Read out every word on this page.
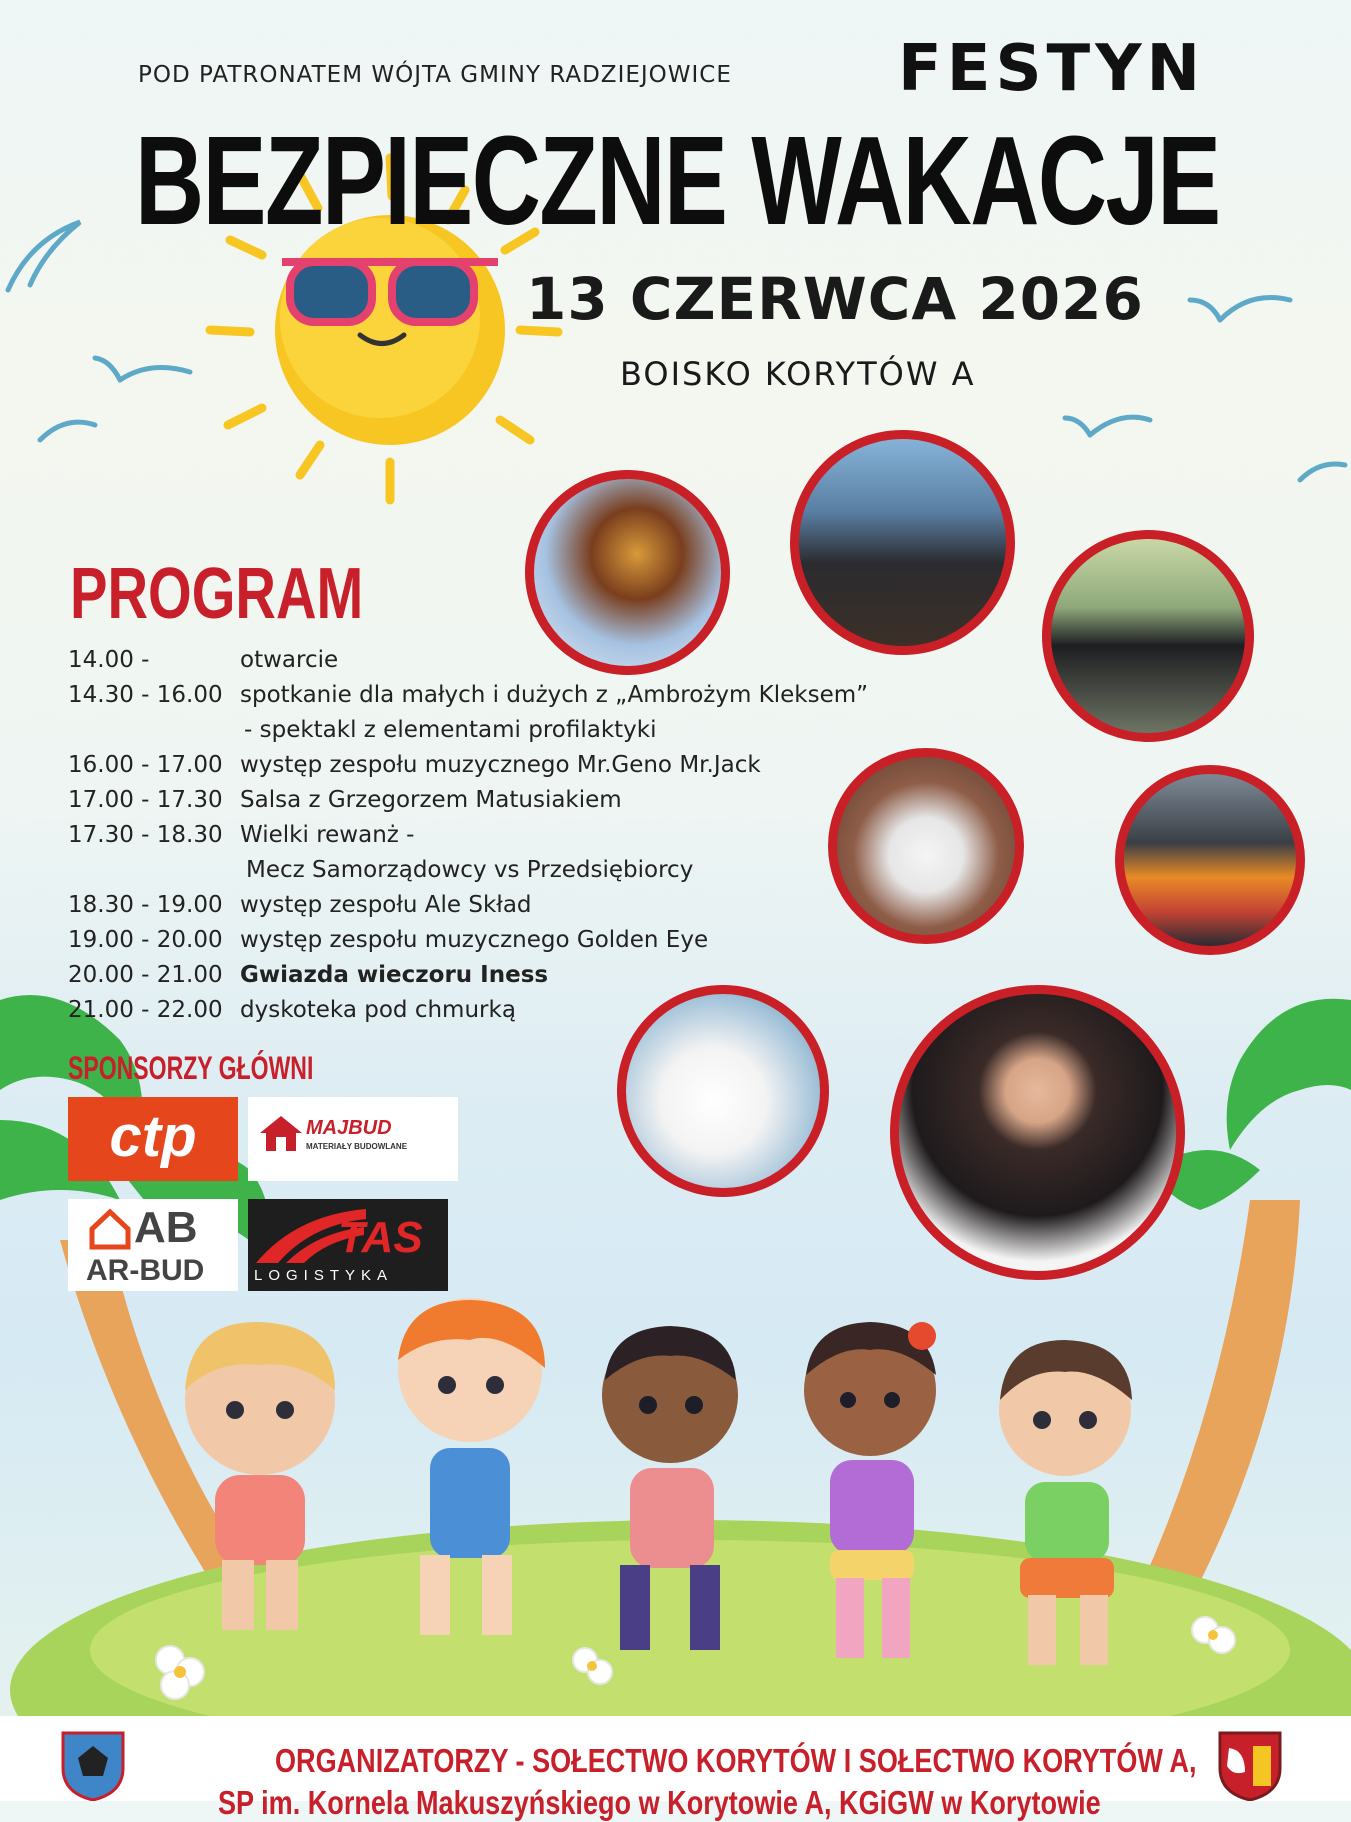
POD PATRONATEM WÓJTA GMINY RADZIEJOWICE	FESTYN
BEZPIECZNE WAKACJE
13 CZERWCA 2026
BOISKO KORYTÓW A
PROGRAM
14.00 -	otwarcie
14.30 - 16.00 spotkanie dla małych i dużych z „Ambrożym Kleksem”
- spektakl z elementami profilaktyki
16.00 - 17.00 występ zespołu muzycznego Mr.Geno Mr.Jack
17.00 - 17.30 Salsa z Grzegorzem Matusiakiem
17.30 - 18.30 Wielki rewanż -
Mecz Samorządowcy vs Przedsiębiorcy
18.30 - 19.00 występ zespołu Ale Skład
19.00 - 20.00 występ zespołu muzycznego Golden Eye
20.00 - 21.00 Gwiazda wieczoru Iness
21.00 - 22.00 dyskoteka pod chmurką
SPONSORZY GŁÓWNI
ctp	MAJBUD
MATERIAŁY BUDOWLANE
AB
AR-BUD
TAS
LOGISTYKA
ORGANIZATORZY - SOŁECTWO KORYTÓW I SOŁECTWO KORYTÓW A,
SP im. Kornela Makuszyńskiego w Korytowie A, KGiGW w Korytowie
